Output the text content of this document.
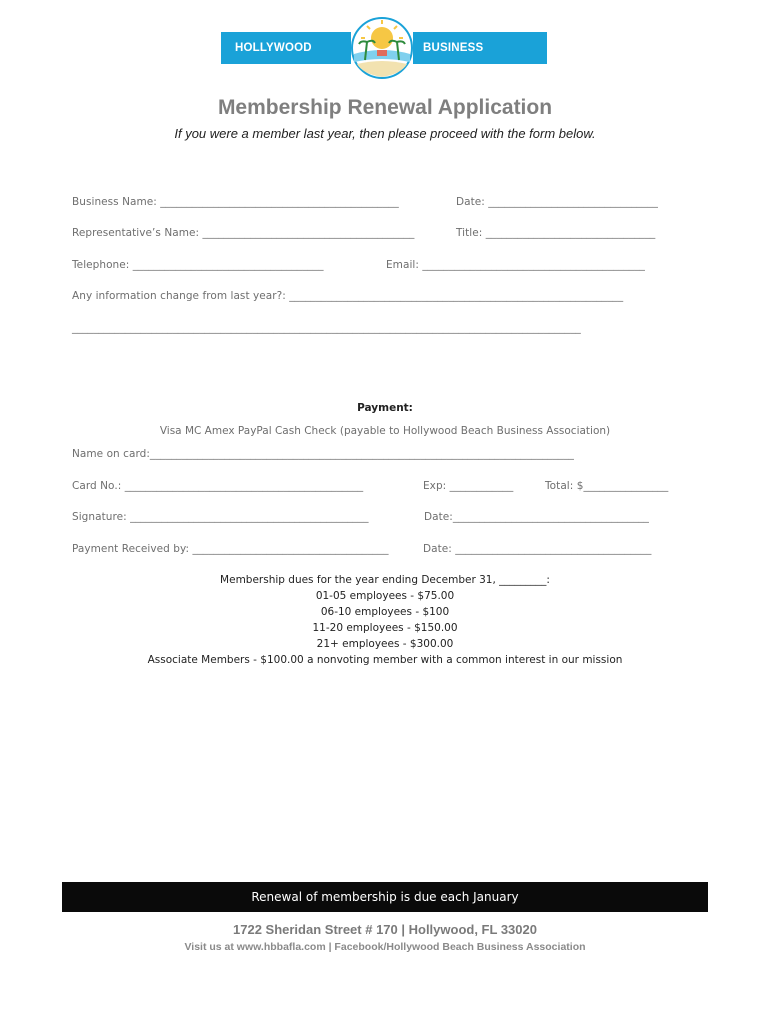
HOLLYWOOD BEACH
BUSINESS ASSOCIATION
Membership Renewal Application
If you were a member last year, then please proceed with the form below.
Business Name: _____________________________________________	Date: ________________________________
Representative’s Name: ________________________________________	Title: ________________________________
Telephone: ____________________________________	Email: __________________________________________
Any information change from last year?: _______________________________________________________________
________________________________________________________________________________________________
Payment:
Visa MC Amex PayPal Cash Check (payable to Hollywood Beach Business Association)
Name on card:________________________________________________________________________________
Card No.: _____________________________________________	Exp: ____________	Total: $________________
Signature: _____________________________________________	Date:_____________________________________
Payment Received by: _____________________________________	Date: _____________________________________
Membership dues for the year ending December 31, _________:
01-05 employees - $75.00
06-10 employees - $100
11-20 employees - $150.00
21+ employees - $300.00
Associate Members - $100.00 a nonvoting member with a common interest in our mission
Renewal of membership is due each January
1722 Sheridan Street # 170 | Hollywood, FL 33020
Visit us at www.hbbafla.com | Facebook/Hollywood Beach Business Association
